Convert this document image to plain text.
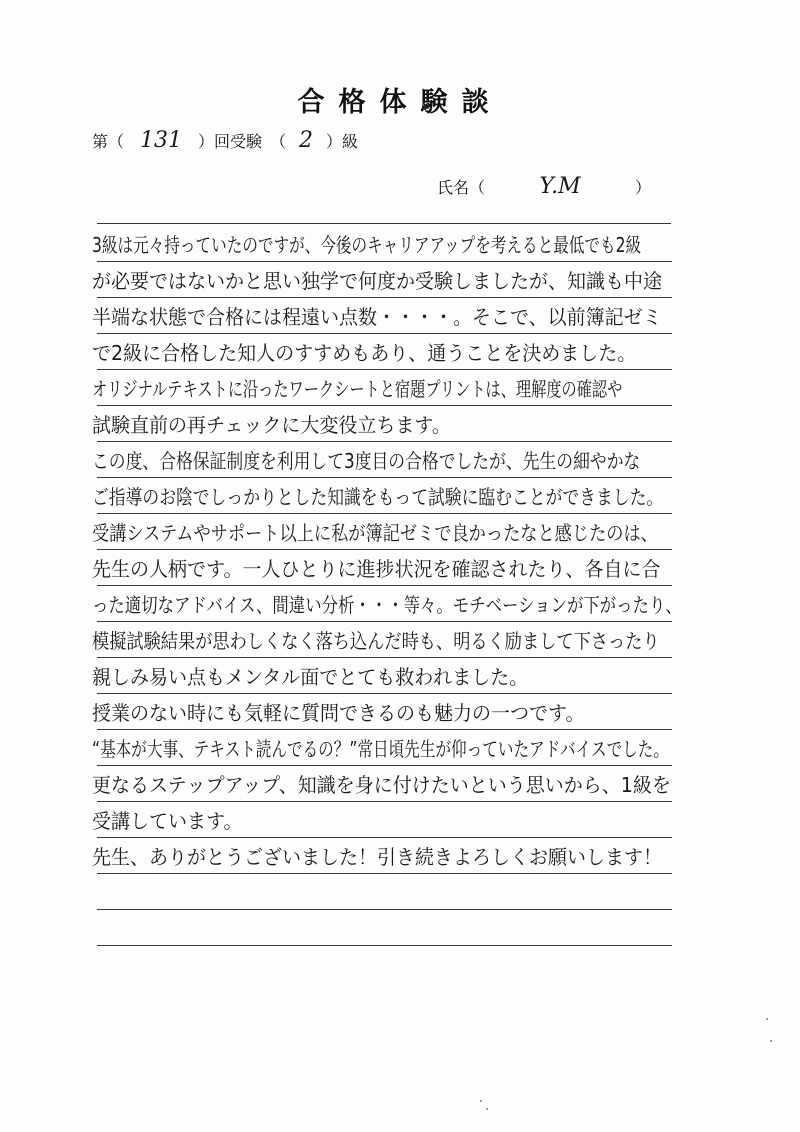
合格体験談
第（ 131 ）回受験　（ 2 ）級
氏名（ Y.M	）
3級は元々持っていたのですが、今後のキャリアアップを考えると最低でも2級
が必要ではないかと思い独学で何度か受験しましたが、知識も中途
半端な状態で合格には程遠い点数・・・・。そこで、以前簿記ゼミ
で2級に合格した知人のすすめもあり、通うことを決めました。
オリジナルテキストに沿ったワークシートと宿題プリントは、理解度の確認や
試験直前の再チェックに大変役立ちます。
この度、合格保証制度を利用して3度目の合格でしたが、先生の細やかな
ご指導のお陰でしっかりとした知識をもって試験に臨むことができました。
受講システムやサポート以上に私が簿記ゼミで良かったなと感じたのは、
先生の人柄です。一人ひとりに進捗状況を確認されたり、各自に合
った適切なアドバイス、間違い分析・・・等々。モチベーションが下がったり、
模擬試験結果が思わしくなく落ち込んだ時も、明るく励まして下さったり
親しみ易い点もメンタル面でとても救われました。
授業のない時にも気軽に質問できるのも魅力の一つです。
“基本が大事、テキスト読んでるの？”常日頃先生が仰っていたアドバイスでした。
更なるステップアップ、知識を身に付けたいという思いから、1級を
受講しています。
先生、ありがとうございました！引き続きよろしくお願いします！
